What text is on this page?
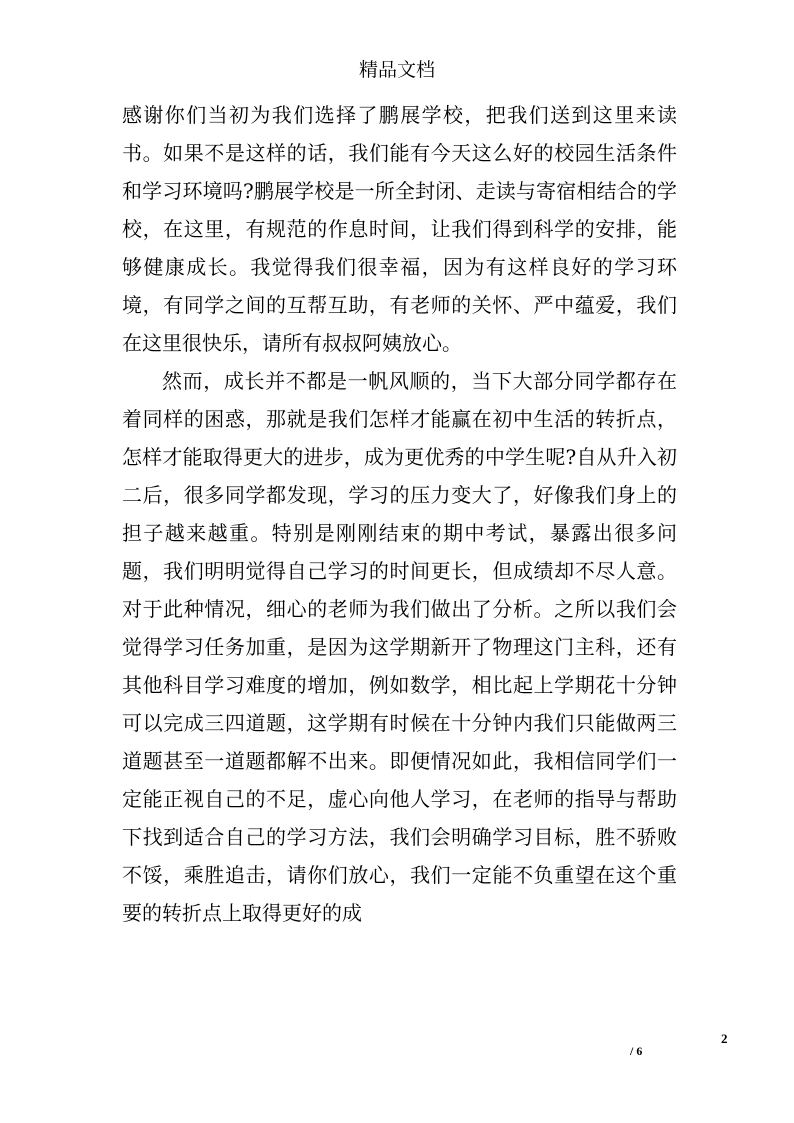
精品文档

感谢你们当初为我们选择了鹏展学校，把我们送到这里来读书。如果不是这样的话，我们能有今天这么好的校园生活条件和学习环境吗?鹏展学校是一所全封闭、走读与寄宿相结合的学校，在这里，有规范的作息时间，让我们得到科学的安排，能够健康成长。我觉得我们很幸福，因为有这样良好的学习环境，有同学之间的互帮互助，有老师的关怀、严中蕴爱，我们在这里很快乐，请所有叔叔阿姨放心。

然而，成长并不都是一帆风顺的，当下大部分同学都存在着同样的困惑，那就是我们怎样才能赢在初中生活的转折点，怎样才能取得更大的进步，成为更优秀的中学生呢?自从升入初二后，很多同学都发现，学习的压力变大了，好像我们身上的担子越来越重。特别是刚刚结束的期中考试，暴露出很多问题，我们明明觉得自己学习的时间更长，但成绩却不尽人意。对于此种情况，细心的老师为我们做出了分析。之所以我们会觉得学习任务加重，是因为这学期新开了物理这门主科，还有其他科目学习难度的增加，例如数学，相比起上学期花十分钟可以完成三四道题，这学期有时候在十分钟内我们只能做两三道题甚至一道题都解不出来。即便情况如此，我相信同学们一定能正视自己的不足，虚心向他人学习，在老师的指导与帮助下找到适合自己的学习方法，我们会明确学习目标，胜不骄败不馁，乘胜追击，请你们放心，我们一定能不负重望在这个重要的转折点上取得更好的成

2
/ 6
